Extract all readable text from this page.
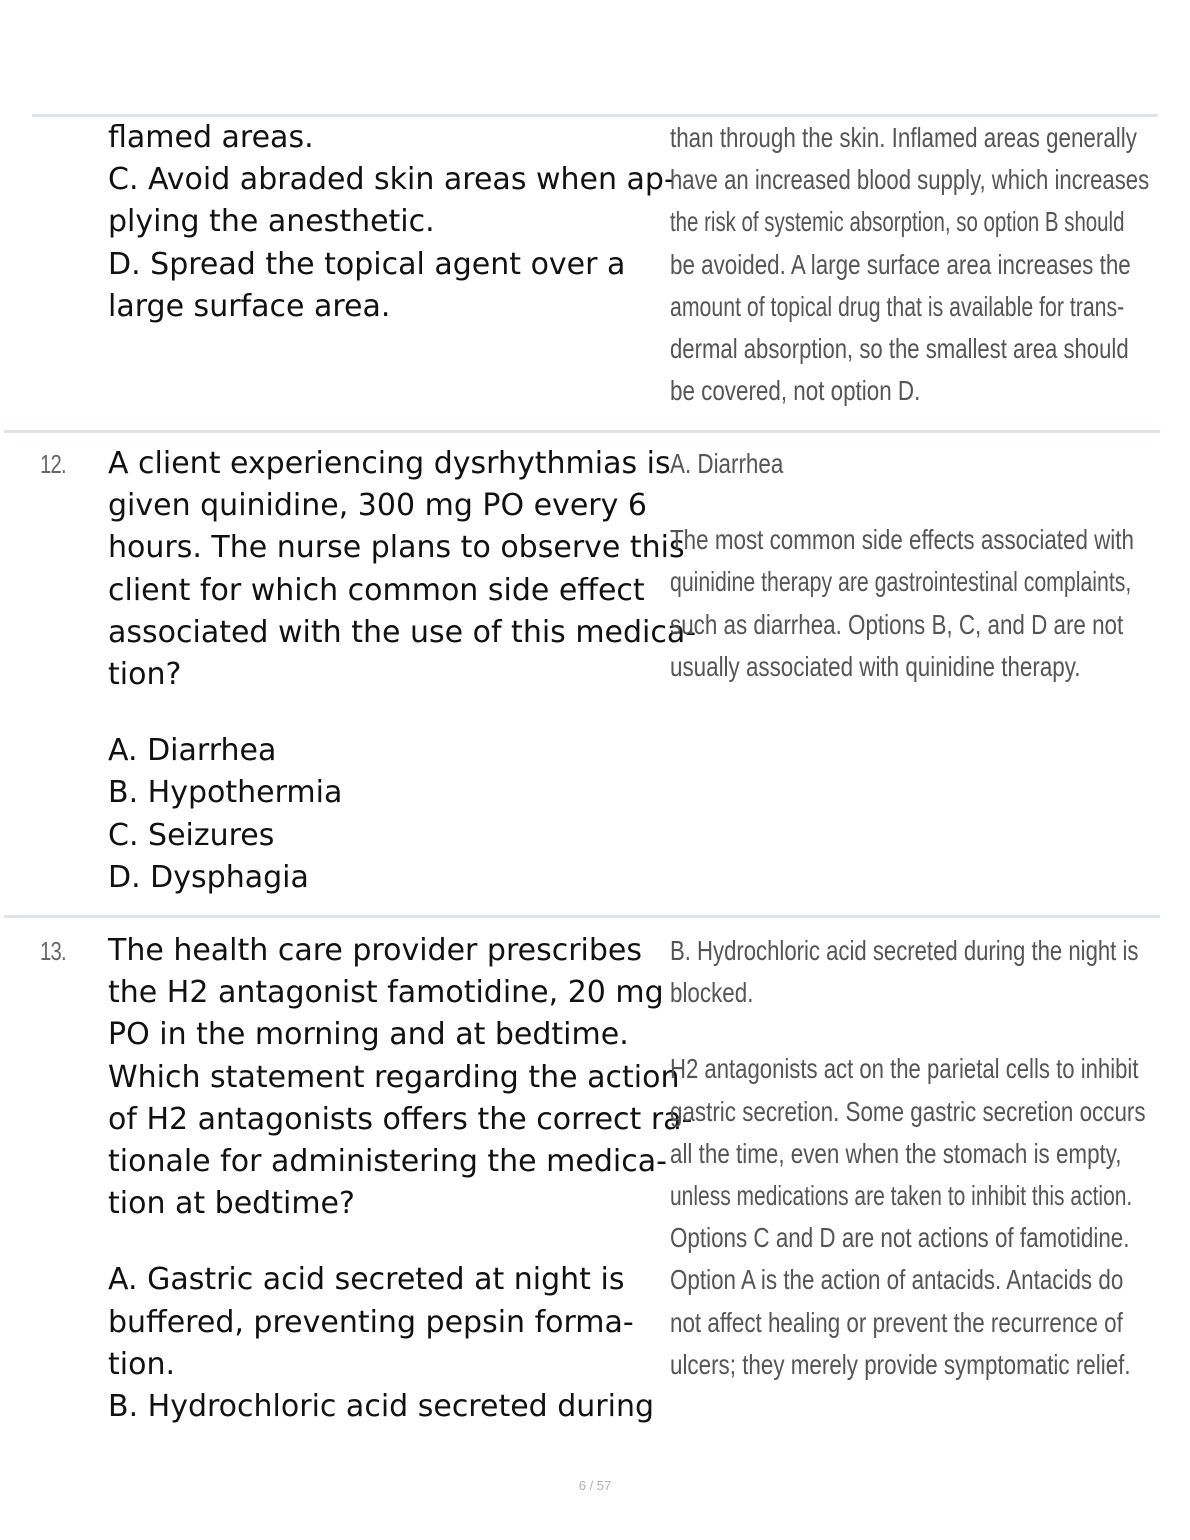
flamed areas.
C. Avoid abraded skin areas when ap-
plying the anesthetic.
D. Spread the topical agent over a
large surface area.
than through the skin. Inflamed areas generally
have an increased blood supply, which increases
the risk of systemic absorption, so option B should
be avoided. A large surface area increases the
amount of topical drug that is available for trans-
dermal absorption, so the smallest area should
be covered, not option D.
12.	A client experiencing dysrhythmias is
given quinidine, 300 mg PO every 6
hours. The nurse plans to observe this
client for which common side effect
associated with the use of this medica-
tion?
A. Diarrhea
B. Hypothermia
C. Seizures
D. Dysphagia
A. Diarrhea
The most common side effects associated with
quinidine therapy are gastrointestinal complaints,
such as diarrhea. Options B, C, and D are not
usually associated with quinidine therapy.
13.	The health care provider prescribes
the H2 antagonist famotidine, 20 mg
PO in the morning and at bedtime.
Which statement regarding the action
of H2 antagonists offers the correct ra-
tionale for administering the medica-
tion at bedtime?
A. Gastric acid secreted at night is
buffered, preventing pepsin forma-
tion.
B. Hydrochloric acid secreted during
B. Hydrochloric acid secreted during the night is
blocked.
H2 antagonists act on the parietal cells to inhibit
gastric secretion. Some gastric secretion occurs
all the time, even when the stomach is empty,
unless medications are taken to inhibit this action.
Options C and D are not actions of famotidine.
Option A is the action of antacids. Antacids do
not affect healing or prevent the recurrence of
ulcers; they merely provide symptomatic relief.
6 / 57
